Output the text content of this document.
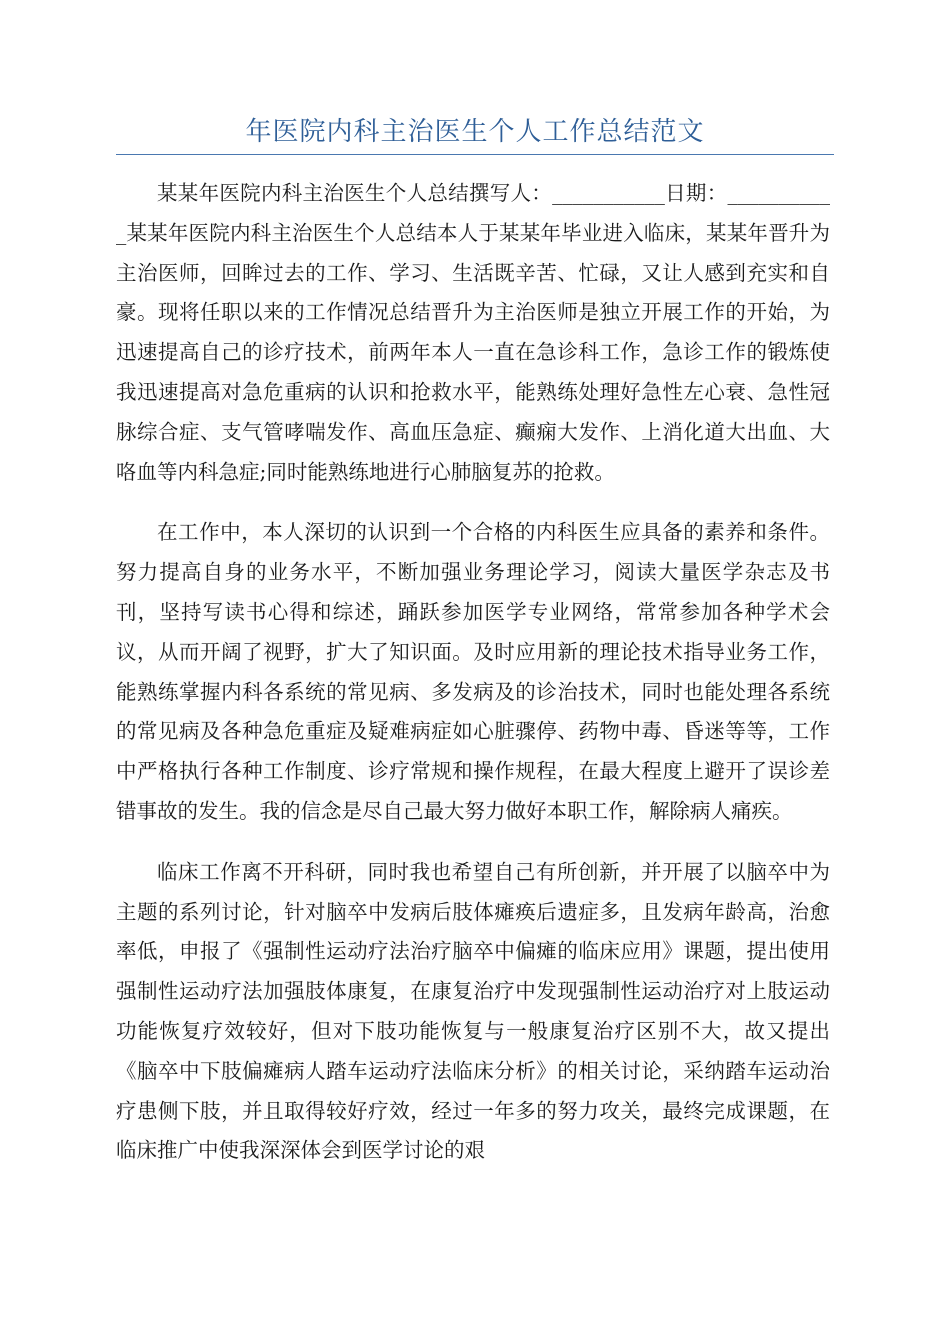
年医院内科主治医生个人工作总结范文

某某年医院内科主治医生个人总结撰写人：___________日期：___________某某年医院内科主治医生个人总结本人于某某年毕业进入临床，某某年晋升为主治医师，回眸过去的工作、学习、生活既辛苦、忙碌，又让人感到充实和自豪。现将任职以来的工作情况总结晋升为主治医师是独立开展工作的开始，为迅速提高自己的诊疗技术，前两年本人一直在急诊科工作，急诊工作的锻炼使我迅速提高对急危重病的认识和抢救水平，能熟练处理好急性左心衰、急性冠脉综合症、支气管哮喘发作、高血压急症、癫痫大发作、上消化道大出血、大咯血等内科急症;同时能熟练地进行心肺脑复苏的抢救。

在工作中，本人深切的认识到一个合格的内科医生应具备的素养和条件。努力提高自身的业务水平，不断加强业务理论学习，阅读大量医学杂志及书刊，坚持写读书心得和综述，踊跃参加医学专业网络，常常参加各种学术会议，从而开阔了视野，扩大了知识面。及时应用新的理论技术指导业务工作，能熟练掌握内科各系统的常见病、多发病及的诊治技术，同时也能处理各系统的常见病及各种急危重症及疑难病症如心脏骤停、药物中毒、昏迷等等，工作中严格执行各种工作制度、诊疗常规和操作规程，在最大程度上避开了误诊差错事故的发生。我的信念是尽自己最大努力做好本职工作，解除病人痛疾。

临床工作离不开科研，同时我也希望自己有所创新，并开展了以脑卒中为主题的系列讨论，针对脑卒中发病后肢体瘫痪后遗症多，且发病年龄高，治愈率低，申报了《强制性运动疗法治疗脑卒中偏瘫的临床应用》课题，提出使用强制性运动疗法加强肢体康复，在康复治疗中发现强制性运动治疗对上肢运动功能恢复疗效较好，但对下肢功能恢复与一般康复治疗区别不大，故又提出《脑卒中下肢偏瘫病人踏车运动疗法临床分析》的相关讨论，采纳踏车运动治疗患侧下肢，并且取得较好疗效，经过一年多的努力攻关，最终完成课题，在临床推广中使我深深体会到医学讨论的艰
